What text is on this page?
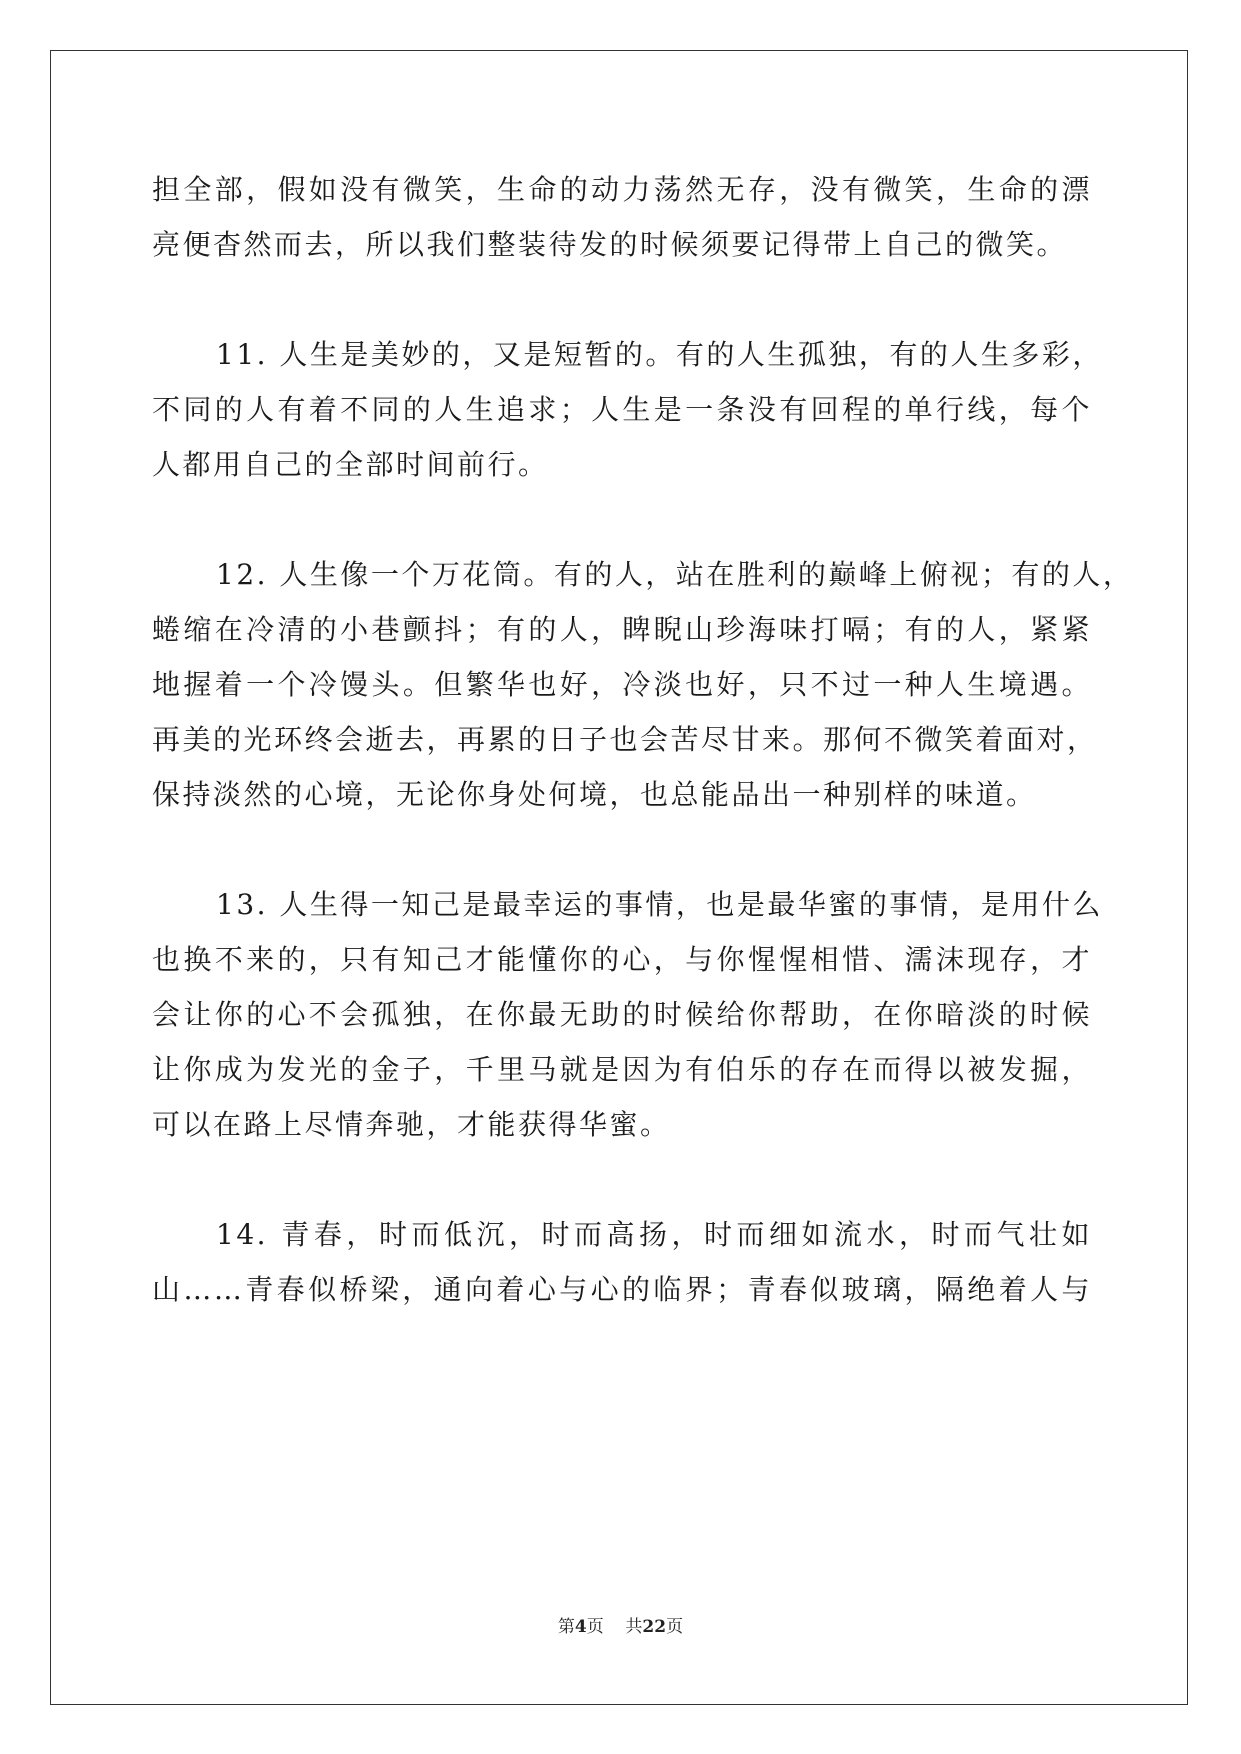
担全部，假如没有微笑，生命的动力荡然无存，没有微笑，生命的漂
亮便杳然而去，所以我们整装待发的时候须要记得带上自己的微笑。
11. 人生是美妙的，又是短暂的。有的人生孤独，有的人生多彩，
不同的人有着不同的人生追求；人生是一条没有回程的单行线，每个
人都用自己的全部时间前行。
12. 人生像一个万花筒。有的人，站在胜利的巅峰上俯视；有的人，
蜷缩在冷清的小巷颤抖；有的人，睥睨山珍海味打嗝；有的人，紧紧
地握着一个冷馒头。但繁华也好，冷淡也好，只不过一种人生境遇。
再美的光环终会逝去，再累的日子也会苦尽甘来。那何不微笑着面对，
保持淡然的心境，无论你身处何境，也总能品出一种别样的味道。
13. 人生得一知己是最幸运的事情，也是最华蜜的事情，是用什么
也换不来的，只有知己才能懂你的心，与你惺惺相惜、濡沫现存，才
会让你的心不会孤独，在你最无助的时候给你帮助，在你暗淡的时候
让你成为发光的金子，千里马就是因为有伯乐的存在而得以被发掘，
可以在路上尽情奔驰，才能获得华蜜。
14. 青春，时而低沉，时而高扬，时而细如流水，时而气壮如
山……青春似桥梁，通向着心与心的临界；青春似玻璃，隔绝着人与
第4页 共22页
